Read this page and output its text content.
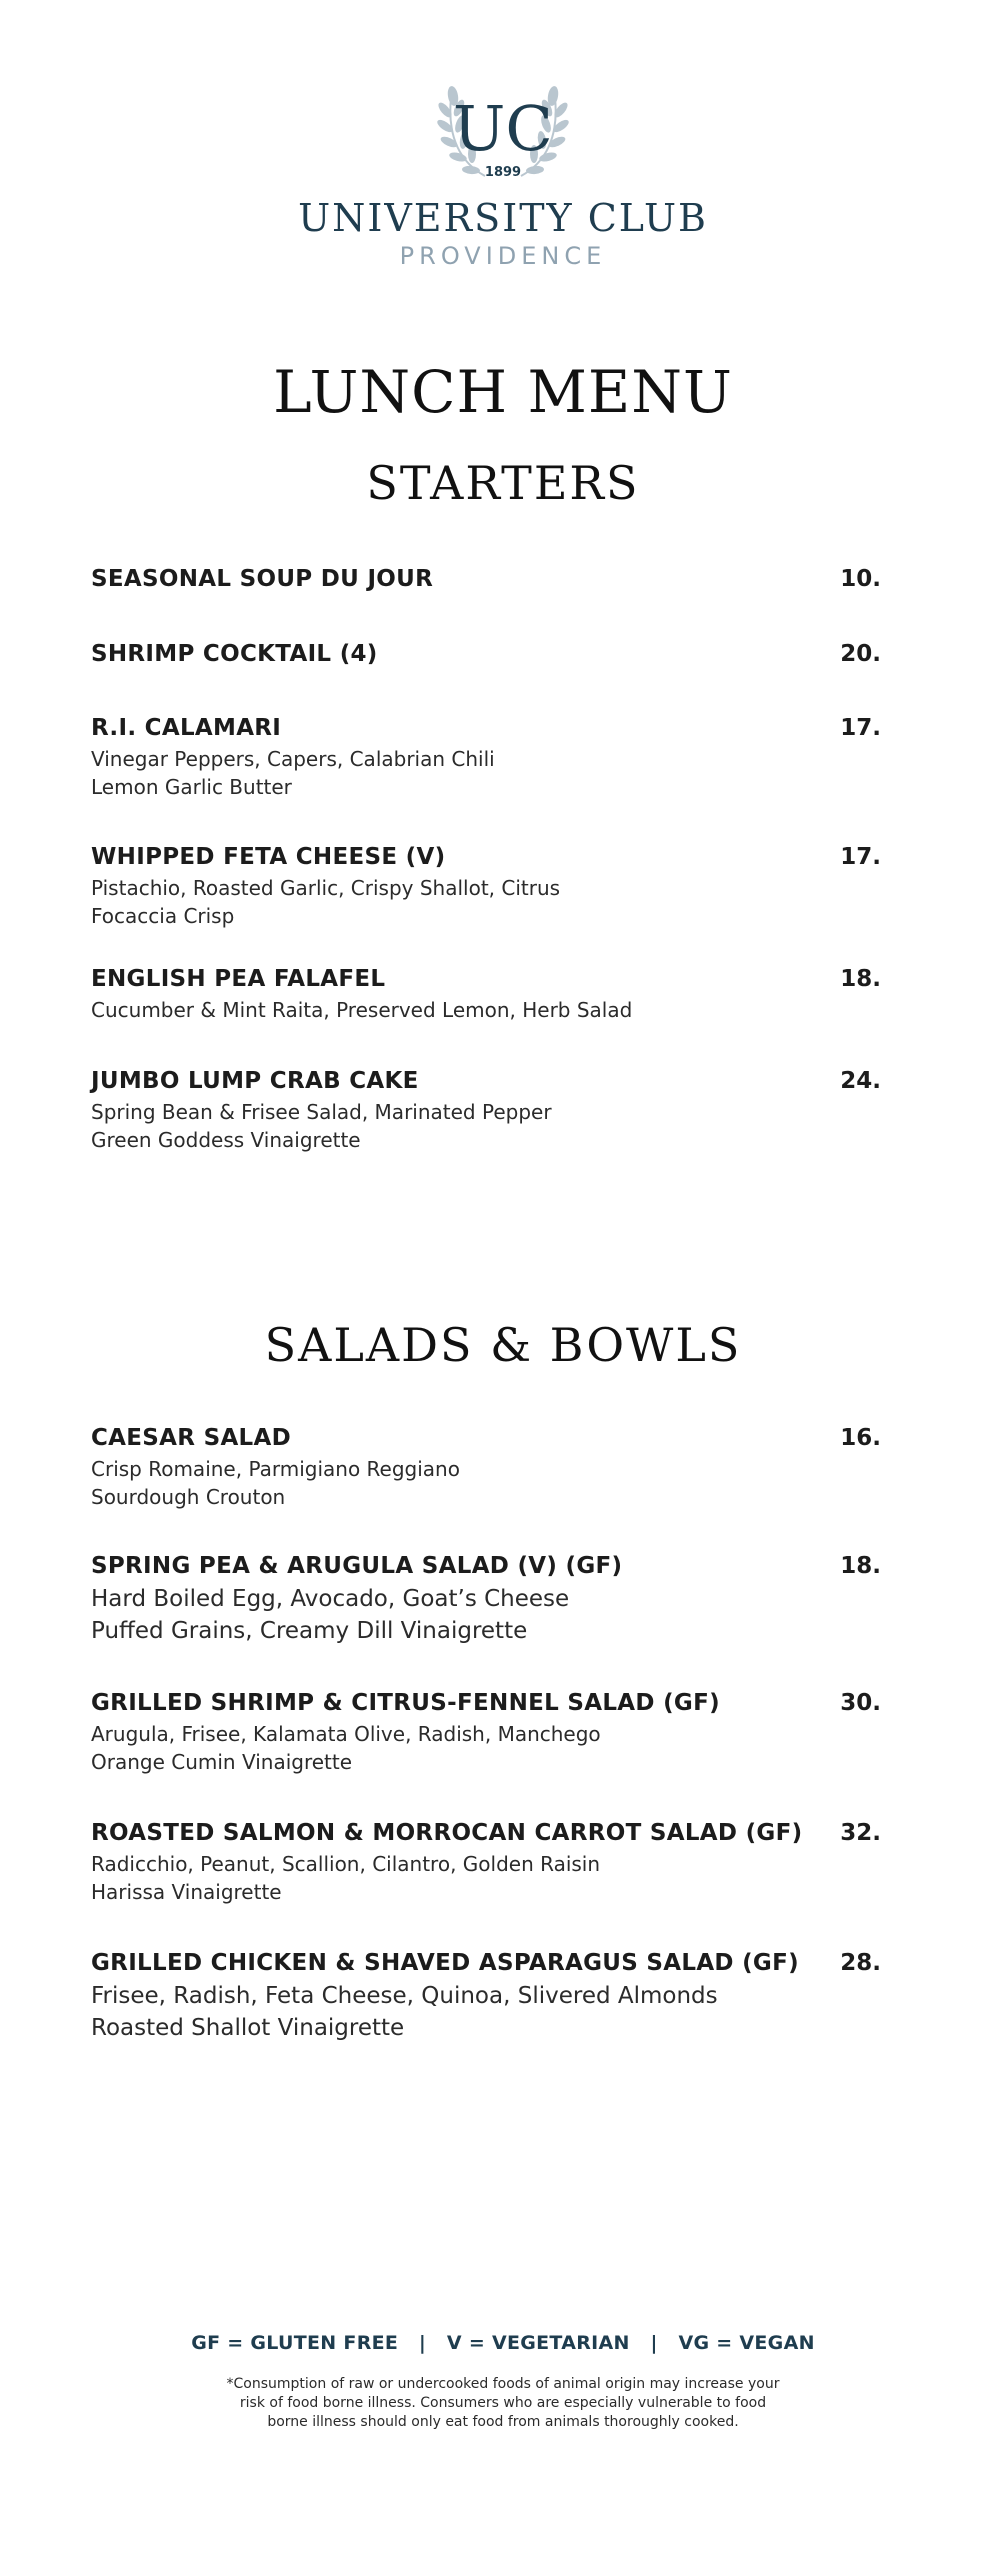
UC
1899
UNIVERSITY CLUB
PROVIDENCE
LUNCH MENU
STARTERS
SEASONAL SOUP DU JOUR	10.
SHRIMP COCKTAIL (4)	20.
R.I. CALAMARI	17.
Vinegar Peppers, Capers, Calabrian Chili
Lemon Garlic Butter
WHIPPED FETA CHEESE (V)	17.
Pistachio, Roasted Garlic, Crispy Shallot, Citrus
Focaccia Crisp
ENGLISH PEA FALAFEL	18.
Cucumber & Mint Raita, Preserved Lemon, Herb Salad
JUMBO LUMP CRAB CAKE	24.
Spring Bean & Frisee Salad, Marinated Pepper
Green Goddess Vinaigrette
SALADS & BOWLS
CAESAR SALAD	16.
Crisp Romaine, Parmigiano Reggiano
Sourdough Crouton
SPRING PEA & ARUGULA SALAD (V) (GF)	18.
Hard Boiled Egg, Avocado, Goat’s Cheese
Puffed Grains, Creamy Dill Vinaigrette
GRILLED SHRIMP & CITRUS-FENNEL SALAD (GF)	30.
Arugula, Frisee, Kalamata Olive, Radish, Manchego
Orange Cumin Vinaigrette
ROASTED SALMON & MORROCAN CARROT SALAD (GF) 32.
Radicchio, Peanut, Scallion, Cilantro, Golden Raisin
Harissa Vinaigrette
GRILLED CHICKEN & SHAVED ASPARAGUS SALAD (GF) 28.
Frisee, Radish, Feta Cheese, Quinoa, Slivered Almonds
Roasted Shallot Vinaigrette
GF = GLUTEN FREE   |   V = VEGETARIAN   |   VG = VEGAN
*Consumption of raw or undercooked foods of animal origin may increase your
risk of food borne illness. Consumers who are especially vulnerable to food
borne illness should only eat food from animals thoroughly cooked.
